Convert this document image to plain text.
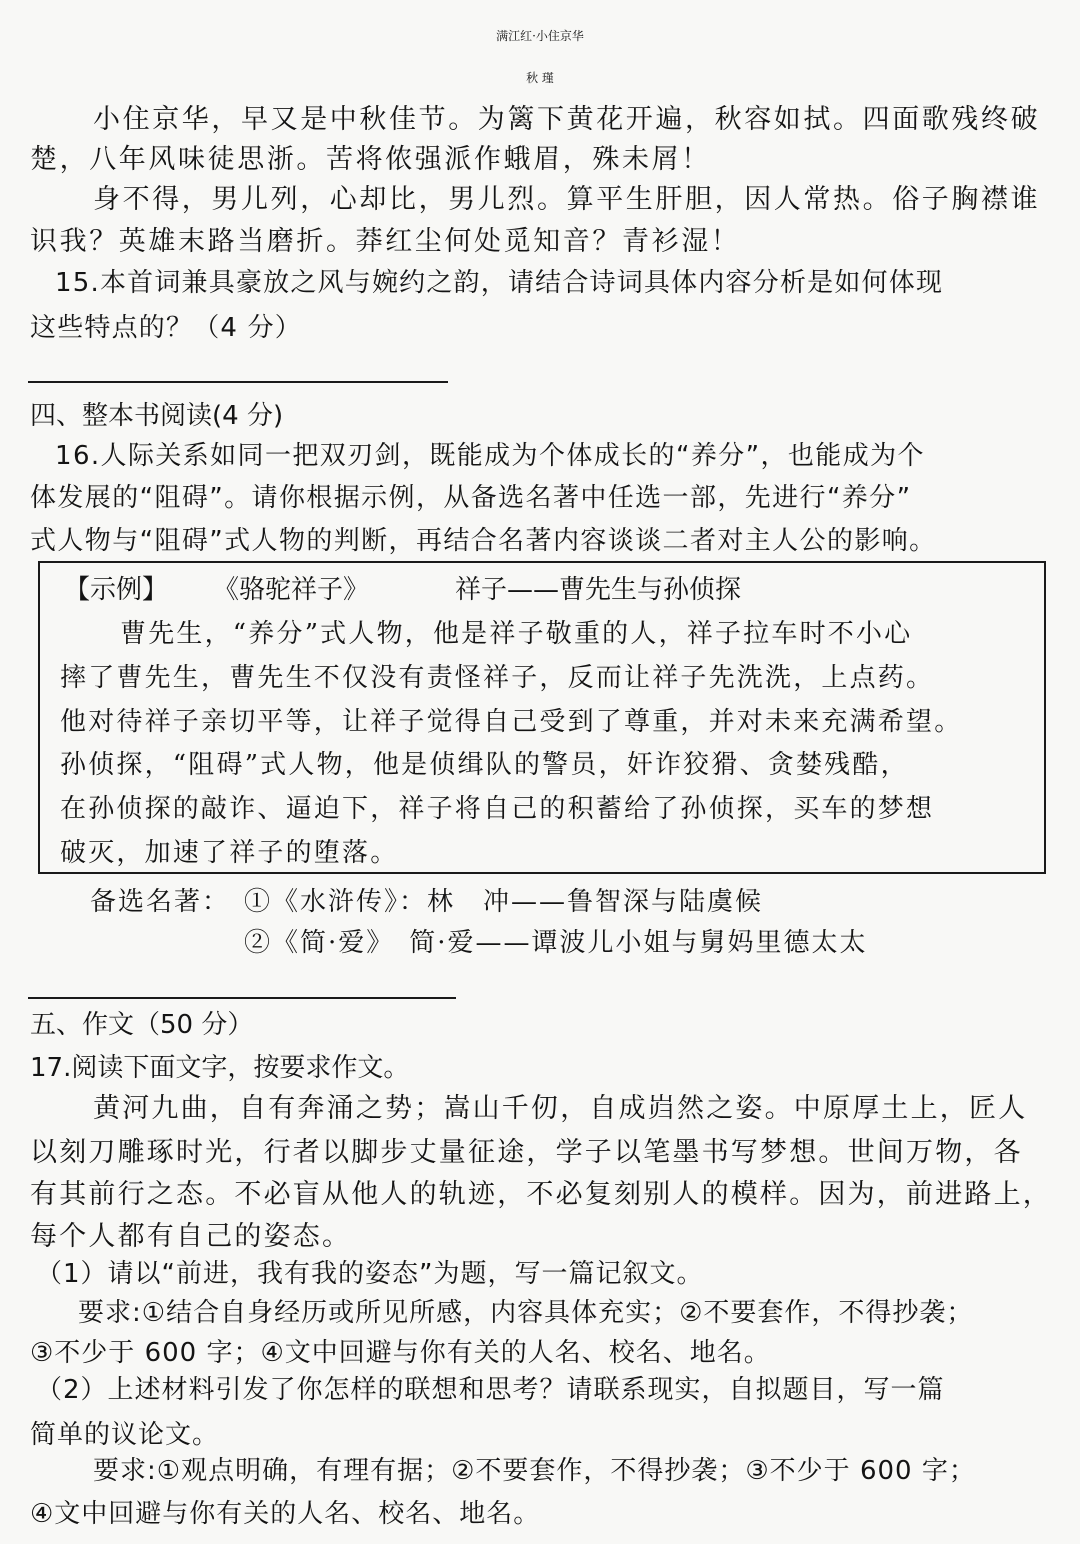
满江红·小住京华
秋 瑾
小住京华，早又是中秋佳节。为篱下黄花开遍，秋容如拭。四面歌残终破
楚，八年风味徒思浙。苦将侬强派作蛾眉，殊未屑！
身不得，男儿列，心却比，男儿烈。算平生肝胆，因人常热。俗子胸襟谁
识我？英雄末路当磨折。莽红尘何处觅知音？青衫湿！
15.本首词兼具豪放之风与婉约之韵，请结合诗词具体内容分析是如何体现
这些特点的？（4 分）
四、整本书阅读(4 分)
16.人际关系如同一把双刃剑，既能成为个体成长的“养分”，也能成为个
体发展的“阻碍”。请你根据示例，从备选名著中任选一部，先进行“养分”
式人物与“阻碍”式人物的判断，再结合名著内容谈谈二者对主人公的影响。
【示例】 《骆驼祥子》	祥子——曹先生与孙侦探
曹先生，“养分”式人物，他是祥子敬重的人，祥子拉车时不小心
摔了曹先生，曹先生不仅没有责怪祥子，反而让祥子先洗洗，上点药。
他对待祥子亲切平等，让祥子觉得自己受到了尊重，并对未来充满希望。
孙侦探，“阻碍”式人物，他是侦缉队的警员，奸诈狡猾、贪婪残酷，
在孙侦探的敲诈、逼迫下，祥子将自己的积蓄给了孙侦探，买车的梦想
破灭，加速了祥子的堕落。
备选名著： ①《水浒传》：林　冲——鲁智深与陆虞候
②《简·爱》　简·爱——谭波儿小姐与舅妈里德太太
五、作文（50 分）
17.阅读下面文字，按要求作文。
黄河九曲，自有奔涌之势；嵩山千仞，自成岿然之姿。中原厚土上，匠人
以刻刀雕琢时光，行者以脚步丈量征途，学子以笔墨书写梦想。世间万物，各
有其前行之态。不必盲从他人的轨迹，不必复刻别人的模样。因为，前进路上，
每个人都有自己的姿态。
（1）请以“前进，我有我的姿态”为题，写一篇记叙文。
要求:①结合自身经历或所见所感，内容具体充实；②不要套作，不得抄袭；
③不少于 600 字；④文中回避与你有关的人名、校名、地名。
（2）上述材料引发了你怎样的联想和思考？请联系现实，自拟题目，写一篇
简单的议论文。
要求:①观点明确，有理有据；②不要套作，不得抄袭；③不少于 600 字；
④文中回避与你有关的人名、校名、地名。
